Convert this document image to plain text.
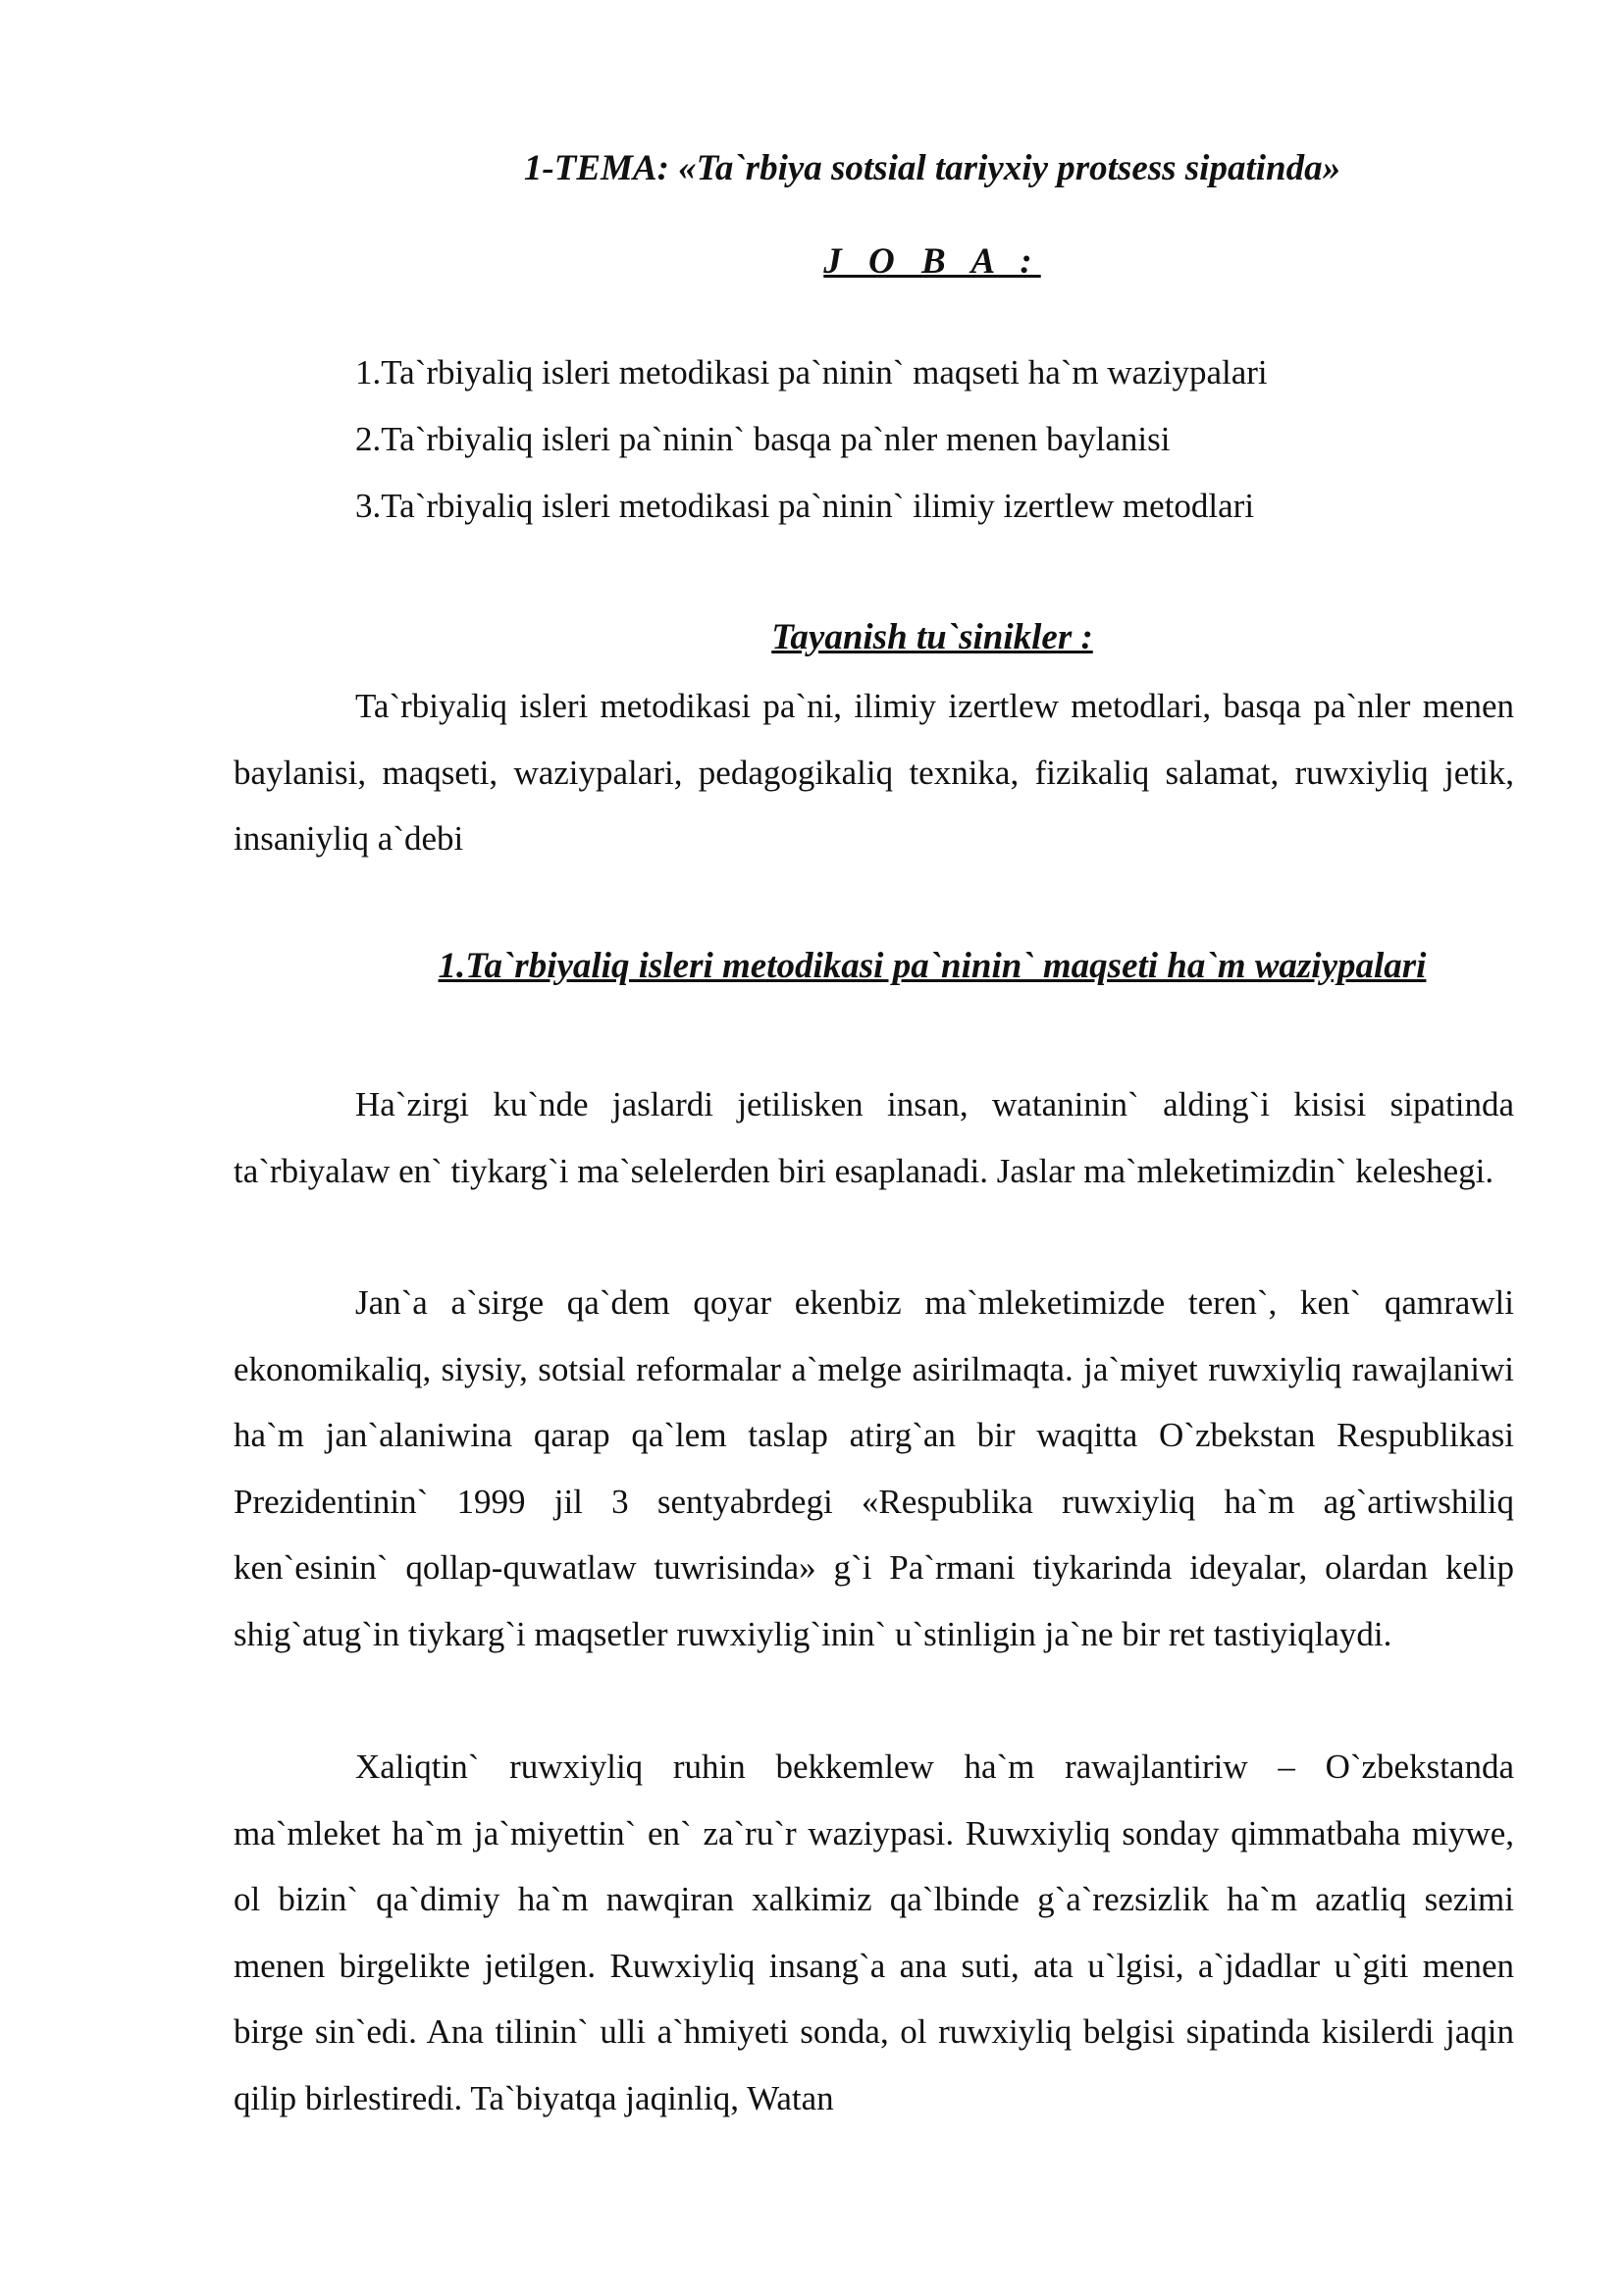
1-TEMA: «Ta`rbiya sotsial tariyxiy protsess sipatinda»
J O B A :
1.Ta`rbiyaliq isleri metodikasi pa`ninin` maqseti ha`m waziypalari
2.Ta`rbiyaliq isleri pa`ninin` basqa pa`nler menen baylanisi
3.Ta`rbiyaliq isleri metodikasi pa`ninin` ilimiy izertlew metodlari
Tayanish tu`sinikler :

Ta`rbiyaliq isleri metodikasi pa`ni, ilimiy izertlew metodlari, basqa pa`nler menen baylanisi, maqseti, waziypalari, pedagogikaliq texnika, fizikaliq salamat, ruwxiyliq jetik, insaniyliq a`debi

1.Ta`rbiyaliq isleri metodikasi pa`ninin` maqseti ha`m waziypalari

Ha`zirgi ku`nde jaslardi jetilisken insan, wataninin` alding`i kisisi sipatinda ta`rbiyalaw en` tiykarg`i ma`selelerden biri esaplanadi. Jaslar ma`mleketimizdin` keleshegi.

Jan`a a`sirge qa`dem qoyar ekenbiz ma`mleketimizde teren`, ken` qamrawli ekonomikaliq, siysiy, sotsial reformalar a`melge asirilmaqta. ja`miyet ruwxiyliq rawajlaniwi ha`m jan`alaniwina qarap qa`lem taslap atirg`an bir waqitta O`zbekstan Respublikasi Prezidentinin` 1999 jil 3 sentyabrdegi «Respublika ruwxiyliq ha`m ag`artiwshiliq ken`esinin` qollap-quwatlaw tuwrisinda» g`i Pa`rmani tiykarinda ideyalar, olardan kelip shig`atug`in tiykarg`i maqsetler ruwxiylig`inin` u`stinligin ja`ne bir ret tastiyiqlaydi.

Xaliqtin` ruwxiyliq ruhin bekkemlew ha`m rawajlantiriw – O`zbekstanda ma`mleket ha`m ja`miyettin` en` za`ru`r waziypasi. Ruwxiyliq sonday qimmatbaha miywe, ol bizin` qa`dimiy ha`m nawqiran xalkimiz qa`lbinde g`a`rezsizlik ha`m azatliq sezimi menen birgelikte jetilgen. Ruwxiyliq insang`a ana suti, ata u`lgisi, a`jdadlar u`giti menen birge sin`edi. Ana tilinin` ulli a`hmiyeti sonda, ol ruwxiyliq belgisi sipatinda kisilerdi jaqin qilip birlestiredi. Ta`biyatqa jaqinliq, Watan
